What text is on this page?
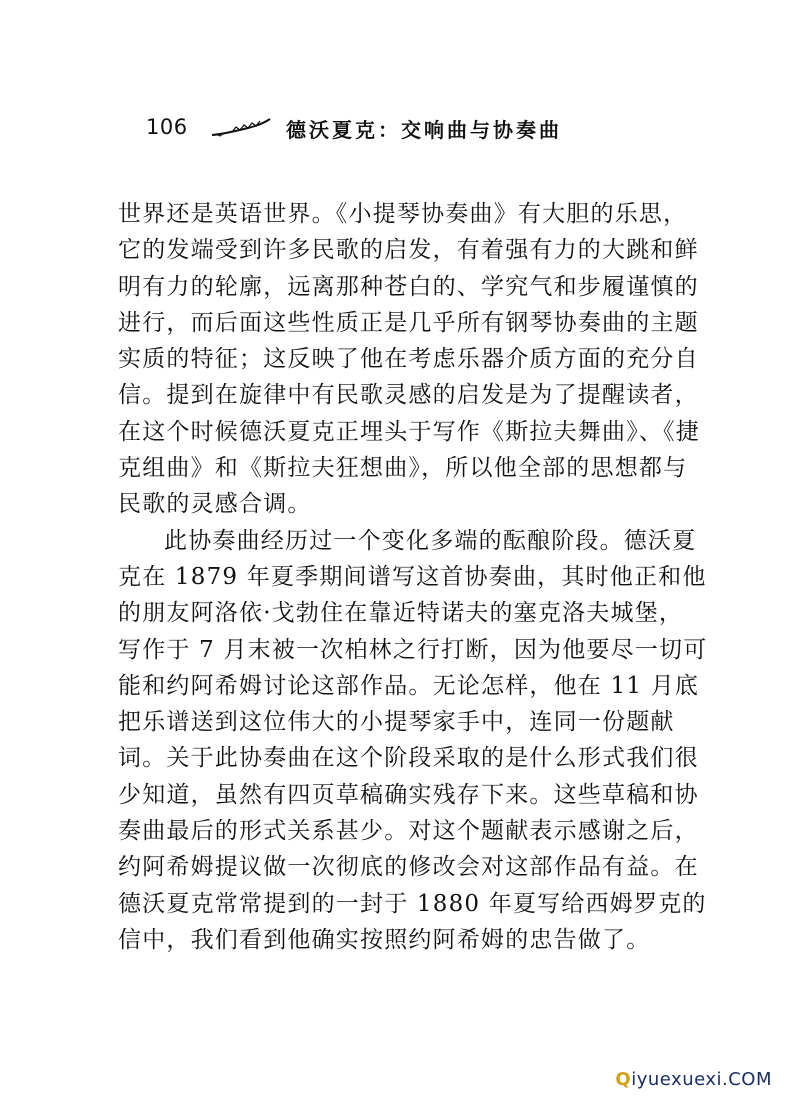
106	德沃夏克：交响曲与协奏曲
世界还是英语世界。《小提琴协奏曲》有大胆的乐思，
它的发端受到许多民歌的启发，有着强有力的大跳和鲜
明有力的轮廓，远离那种苍白的、学究气和步履谨慎的
进行，而后面这些性质正是几乎所有钢琴协奏曲的主题
实质的特征；这反映了他在考虑乐器介质方面的充分自
信。提到在旋律中有民歌灵感的启发是为了提醒读者，
在这个时候德沃夏克正埋头于写作《斯拉夫舞曲》、《捷
克组曲》和《斯拉夫狂想曲》，所以他全部的思想都与
民歌的灵感合调。
此协奏曲经历过一个变化多端的酝酿阶段。德沃夏
克在 1879 年夏季期间谱写这首协奏曲，其时他正和他
的朋友阿洛依·戈勃住在靠近特诺夫的塞克洛夫城堡，
写作于 7 月末被一次柏林之行打断，因为他要尽一切可
能和约阿希姆讨论这部作品。无论怎样，他在 11 月底
把乐谱送到这位伟大的小提琴家手中，连同一份题献
词。关于此协奏曲在这个阶段采取的是什么形式我们很
少知道，虽然有四页草稿确实残存下来。这些草稿和协
奏曲最后的形式关系甚少。对这个题献表示感谢之后，
约阿希姆提议做一次彻底的修改会对这部作品有益。在
德沃夏克常常提到的一封于 1880 年夏写给西姆罗克的
信中，我们看到他确实按照约阿希姆的忠告做了。
Qiyuexuexi.COM
